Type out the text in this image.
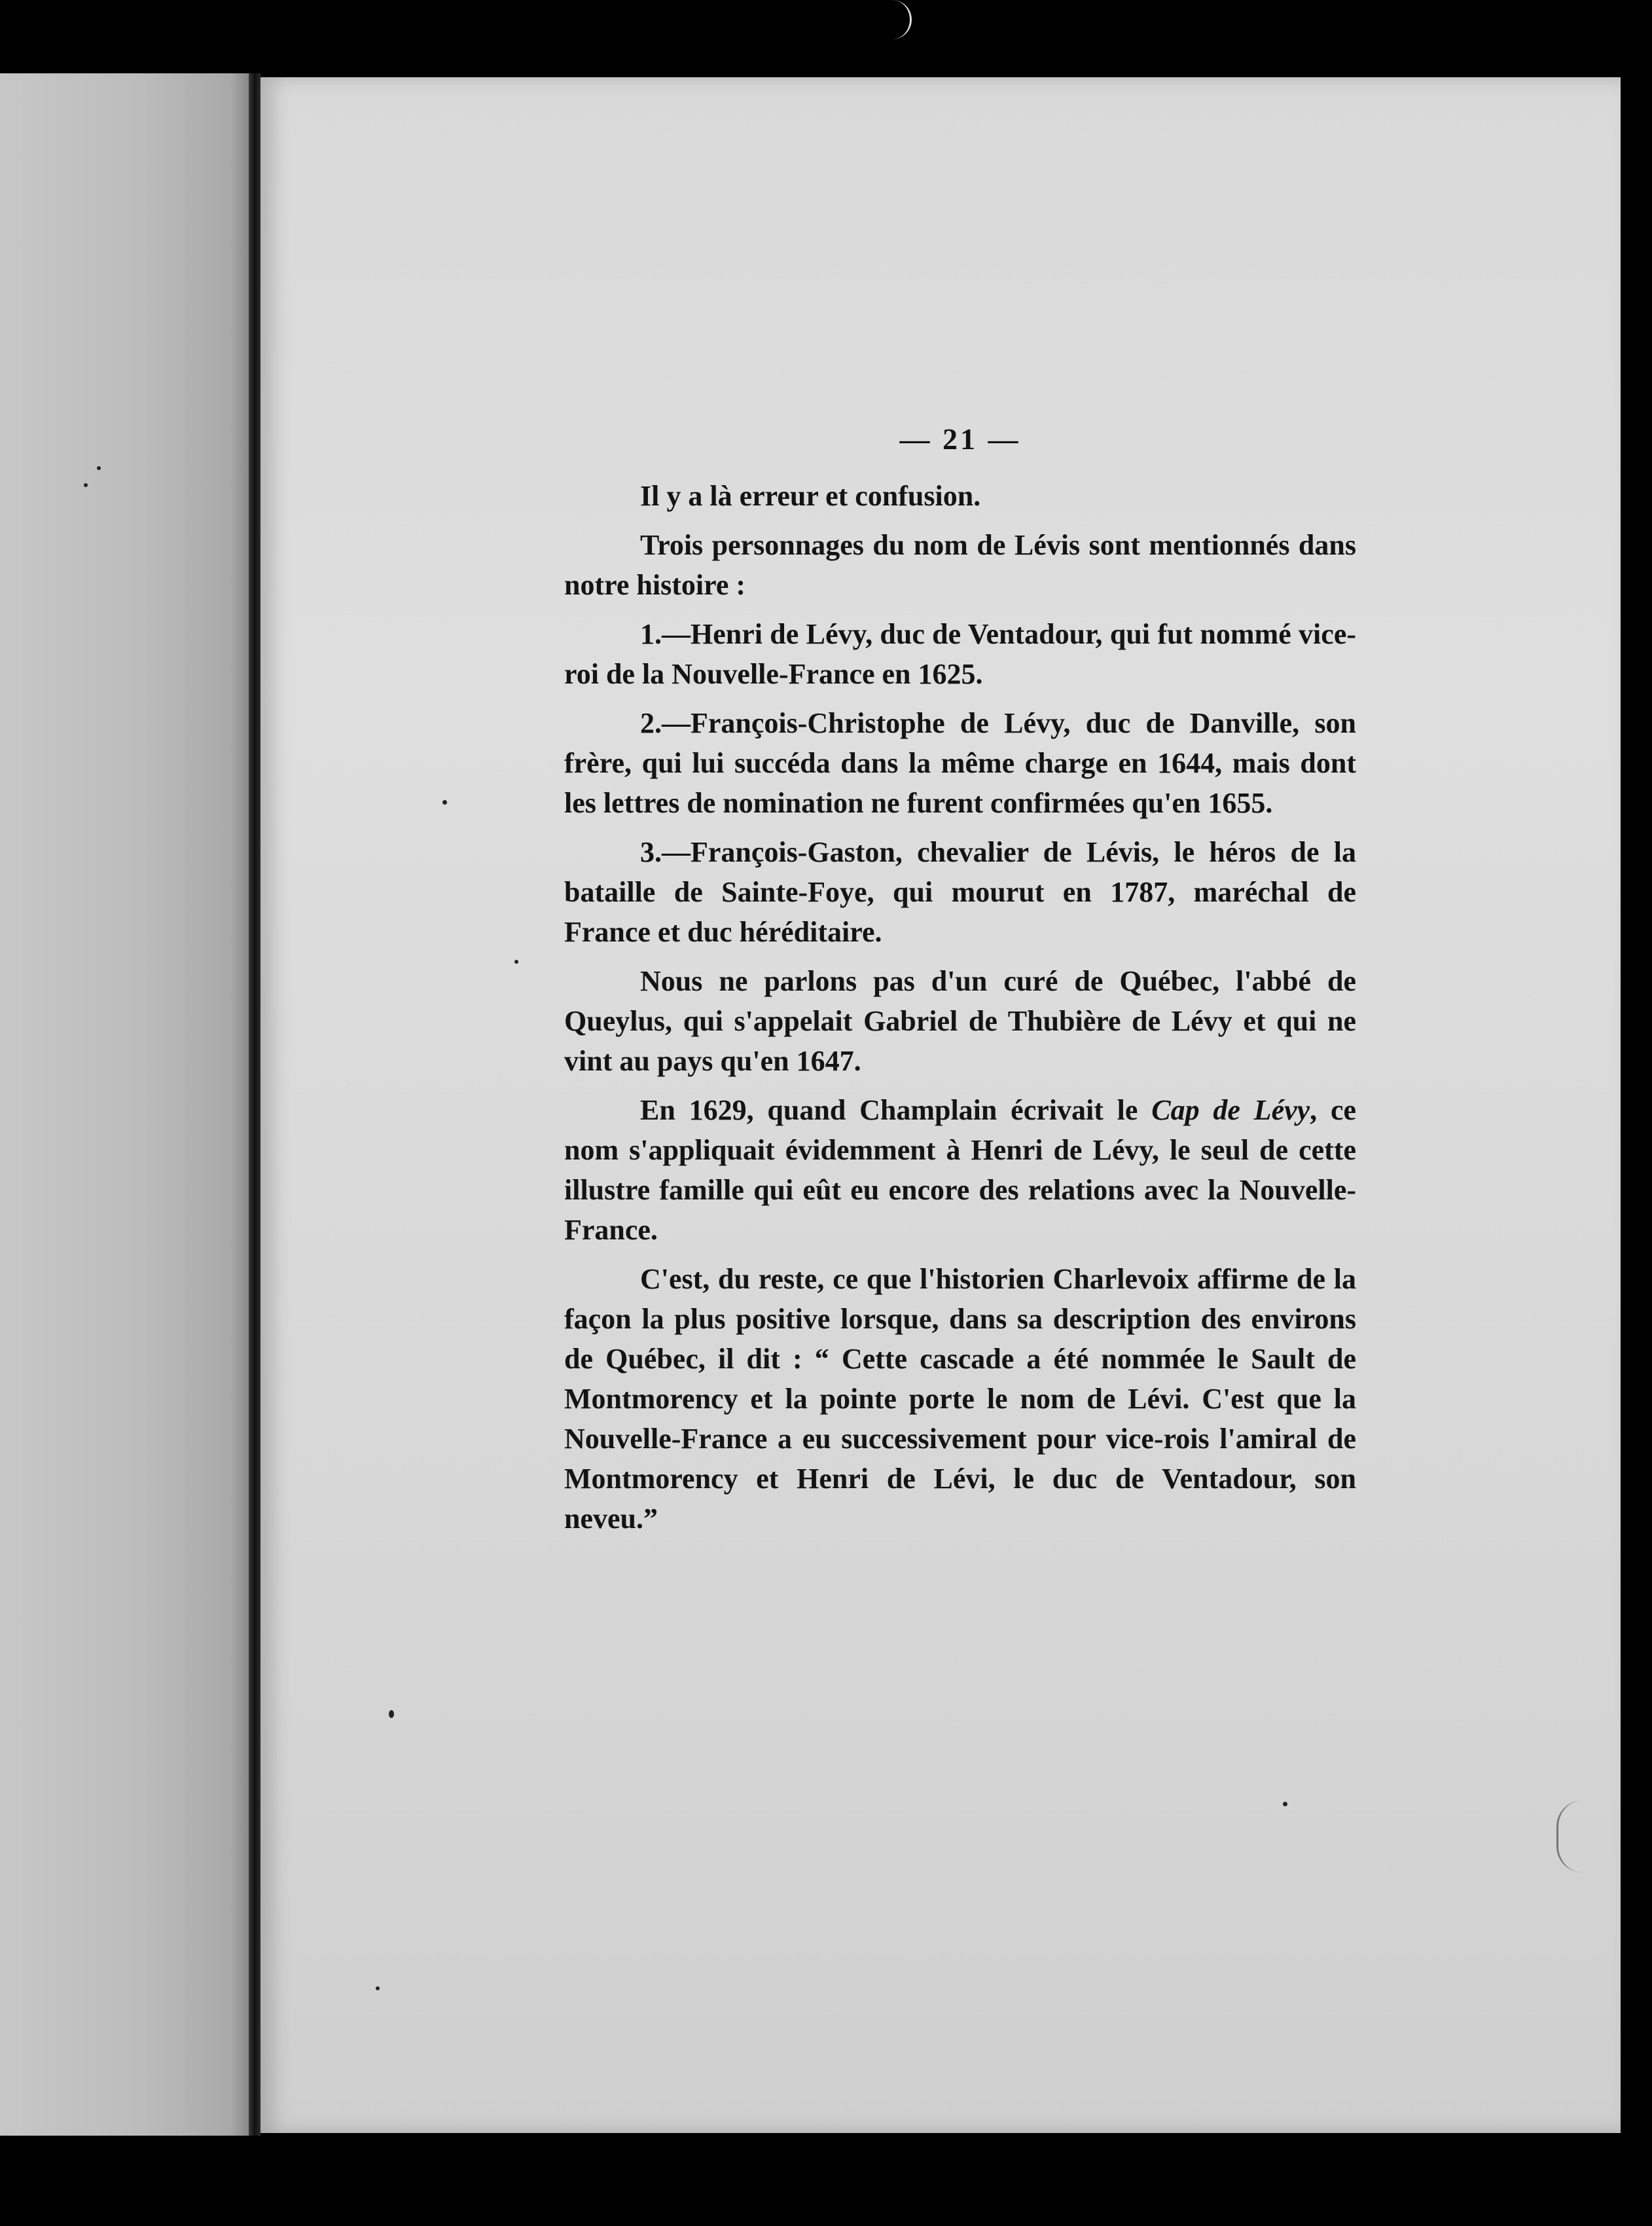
— 21 —

Il y a là erreur et confusion.

Trois personnages du nom de Lévis sont mentionnés dans notre histoire :

1.—Henri de Lévy, duc de Ventadour, qui fut nommé vice-roi de la Nouvelle-France en 1625.

2.—François-Christophe de Lévy, duc de Danville, son frère, qui lui succéda dans la même charge en 1644, mais dont les lettres de nomination ne furent confirmées qu'en 1655.

3.—François-Gaston, chevalier de Lévis, le héros de la bataille de Sainte-Foye, qui mourut en 1787, maréchal de France et duc héréditaire.

Nous ne parlons pas d'un curé de Québec, l'abbé de Queylus, qui s'appelait Gabriel de Thubière de Lévy et qui ne vint au pays qu'en 1647.

En 1629, quand Champlain écrivait le Cap de Lévy, ce nom s'appliquait évidemment à Henri de Lévy, le seul de cette illustre famille qui eût eu encore des relations avec la Nouvelle-France.

C'est, du reste, ce que l'historien Charlevoix affirme de la façon la plus positive lorsque, dans sa description des environs de Québec, il dit : “ Cette cascade a été nommée le Sault de Montmorency et la pointe porte le nom de Lévi. C'est que la Nouvelle-France a eu successivement pour vice-rois l'amiral de Montmorency et Henri de Lévi, le duc de Ventadour, son neveu.”
